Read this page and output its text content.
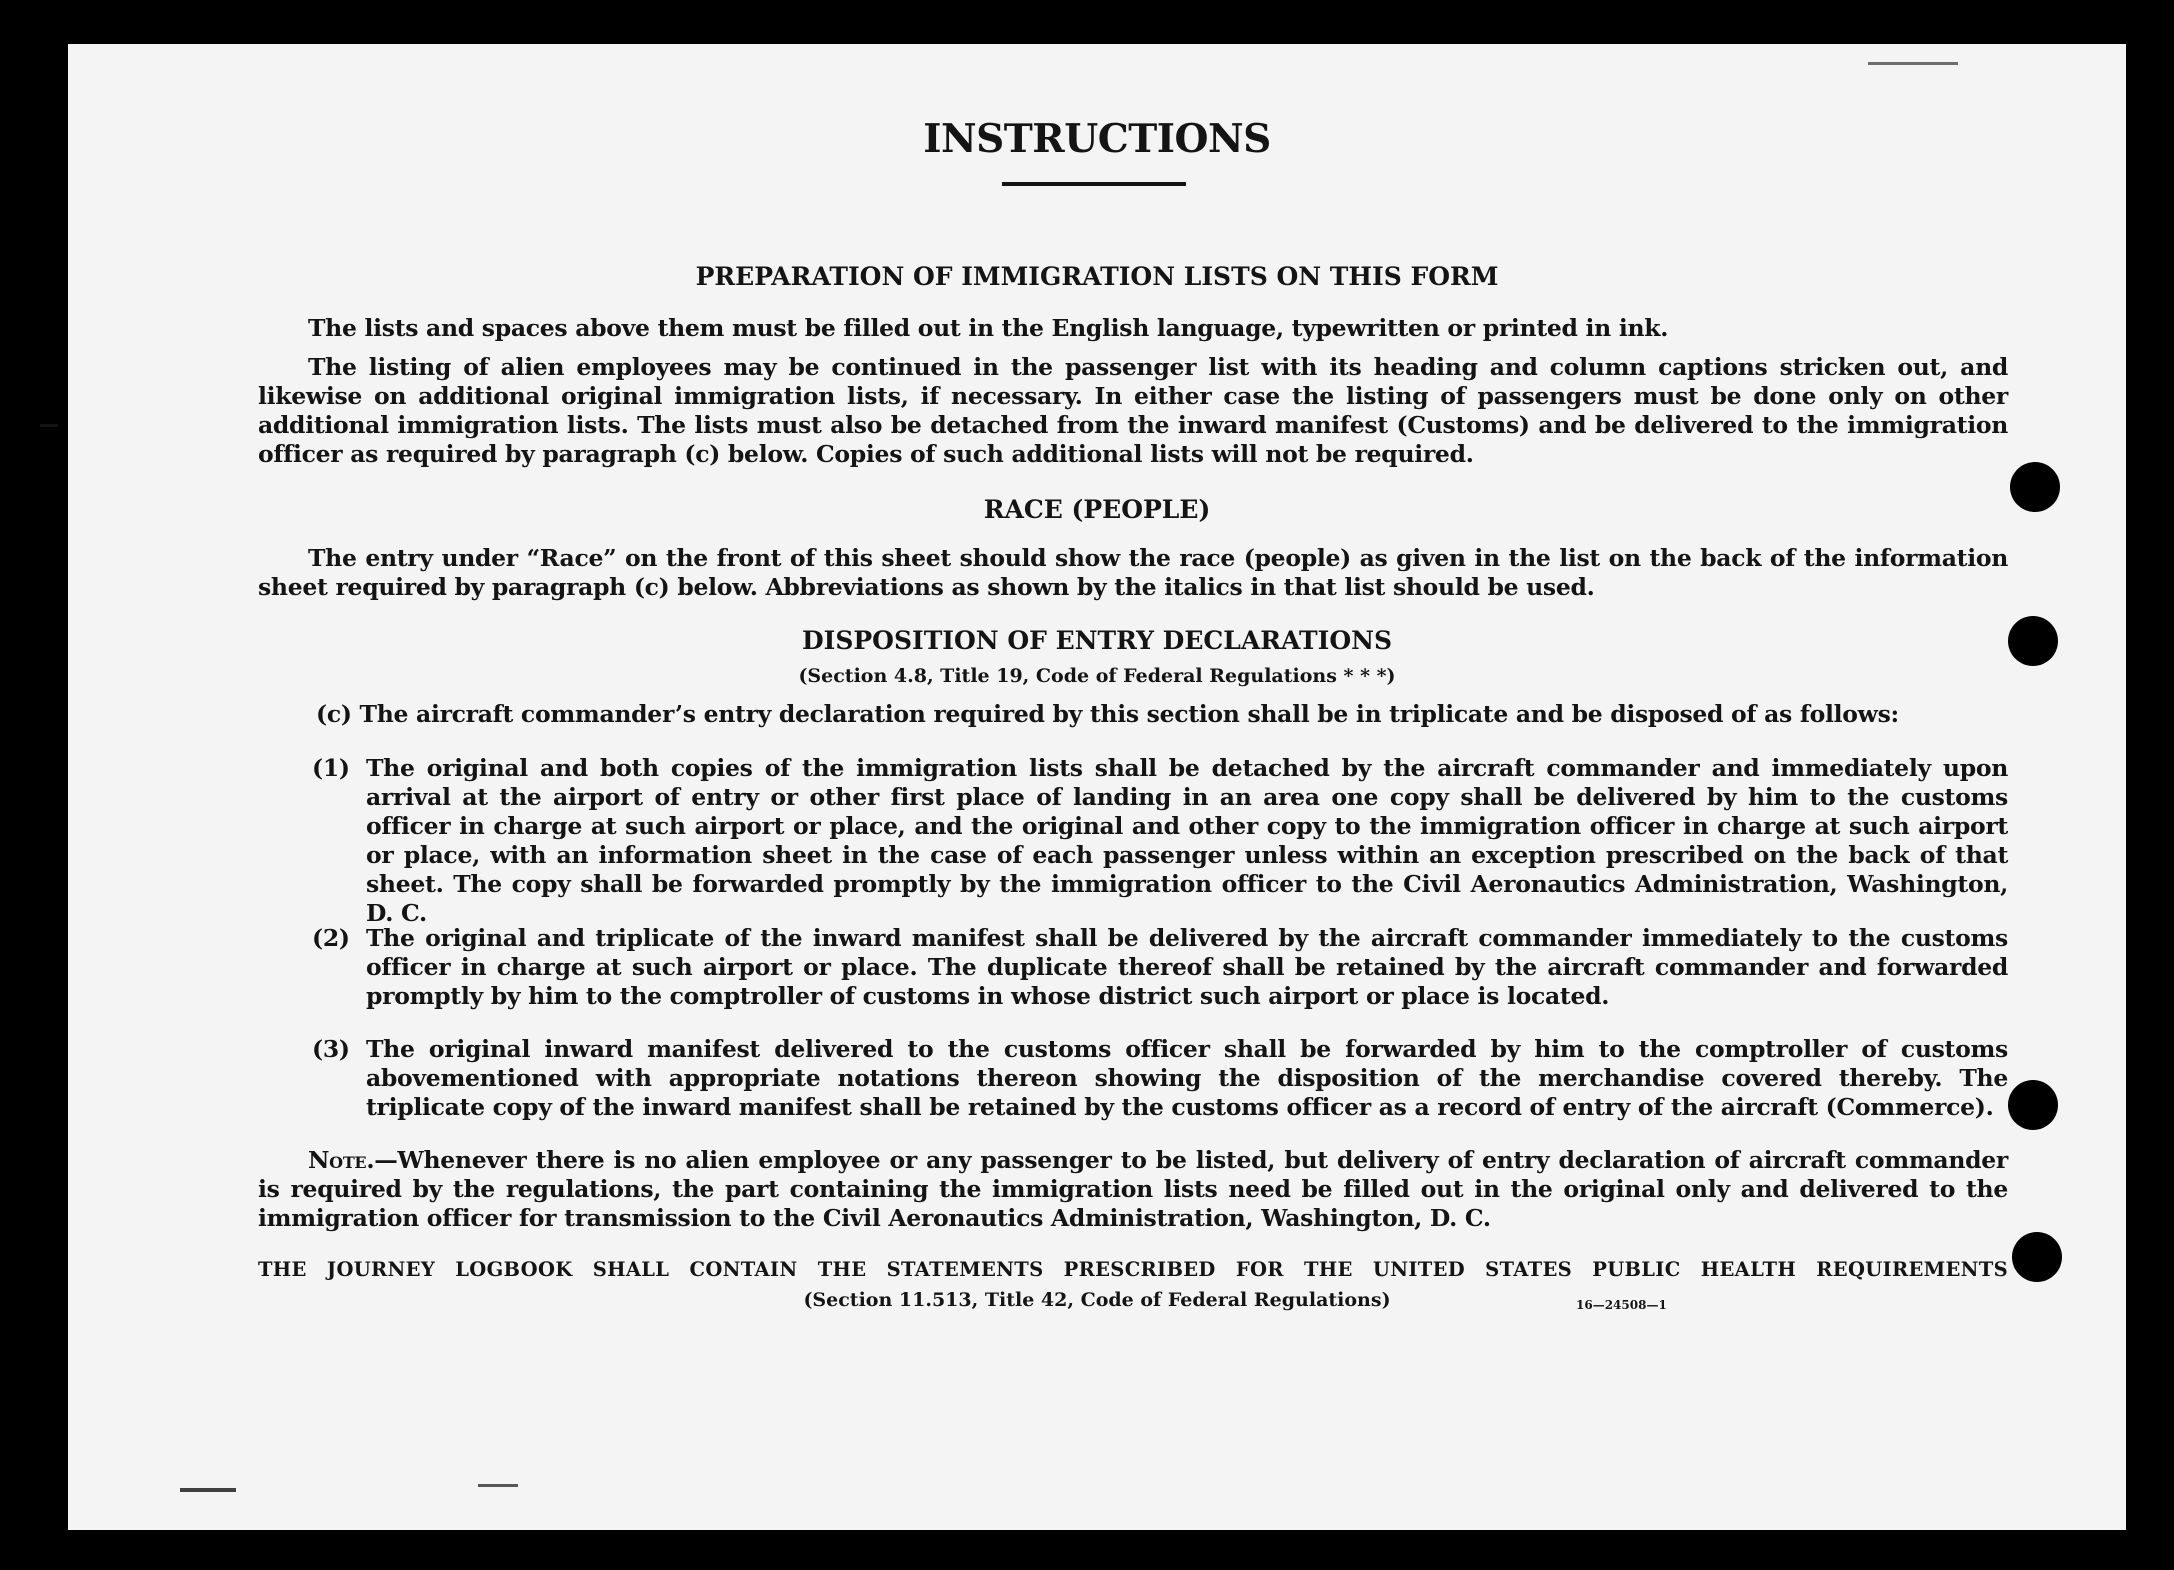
INSTRUCTIONS
PREPARATION OF IMMIGRATION LISTS ON THIS FORM
The lists and spaces above them must be filled out in the English language, typewritten or printed in ink.
The listing of alien employees may be continued in the passenger list with its heading and column captions stricken out, and likewise on additional original immigration lists, if necessary. In either case the listing of passengers must be done only on other additional immigration lists. The lists must also be detached from the inward manifest (Customs) and be delivered to the immigration officer as required by paragraph (c) below. Copies of such additional lists will not be required.
RACE (PEOPLE)
The entry under “Race” on the front of this sheet should show the race (people) as given in the list on the back of the information sheet required by paragraph (c) below. Abbreviations as shown by the italics in that list should be used.
DISPOSITION OF ENTRY DECLARATIONS
(Section 4.8, Title 19, Code of Federal Regulations * * *)
(c) The aircraft commander’s entry declaration required by this section shall be in triplicate and be disposed of as follows:
(1) The original and both copies of the immigration lists shall be detached by the aircraft commander and immediately upon arrival at the airport of entry or other first place of landing in an area one copy shall be delivered by him to the customs officer in charge at such airport or place, and the original and other copy to the immigration officer in charge at such airport or place, with an information sheet in the case of each passenger unless within an exception prescribed on the back of that sheet. The copy shall be forwarded promptly by the immigration officer to the Civil Aeronautics Administration, Washington, D. C.
(2) The original and triplicate of the inward manifest shall be delivered by the aircraft commander immediately to the customs officer in charge at such airport or place. The duplicate thereof shall be retained by the aircraft commander and forwarded promptly by him to the comptroller of customs in whose district such airport or place is located.
(3) The original inward manifest delivered to the customs officer shall be forwarded by him to the comptroller of customs abovementioned with appropriate notations thereon showing the disposition of the merchandise covered thereby. The triplicate copy of the inward manifest shall be retained by the customs officer as a record of entry of the aircraft (Commerce).
Note.—Whenever there is no alien employee or any passenger to be listed, but delivery of entry declaration of aircraft commander is required by the regulations, the part containing the immigration lists need be filled out in the original only and delivered to the immigration officer for transmission to the Civil Aeronautics Administration, Washington, D. C.
THE JOURNEY LOGBOOK SHALL CONTAIN THE STATEMENTS PRESCRIBED FOR THE UNITED STATES PUBLIC HEALTH REQUIREMENTS
(Section 11.513, Title 42, Code of Federal Regulations)	16—24508—1
